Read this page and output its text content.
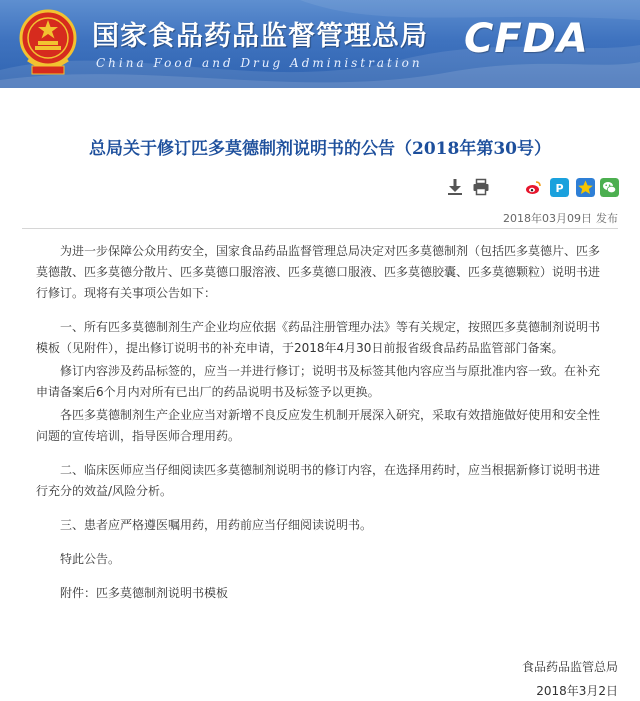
国家食品药品监督管理总局
China Food and Drug Administration
CFDA
总局关于修订匹多莫德制剂说明书的公告（2018年第30号）
P
2018年03月09日 发布

为进一步保障公众用药安全，国家食品药品监督管理总局决定对匹多莫德制剂（包括匹多莫德片、匹多莫德散、匹多莫德分散片、匹多莫德口服溶液、匹多莫德口服液、匹多莫德胶囊、匹多莫德颗粒）说明书进行修订。现将有关事项公告如下：

一、所有匹多莫德制剂生产企业均应依据《药品注册管理办法》等有关规定，按照匹多莫德制剂说明书模板（见附件），提出修订说明书的补充申请，于2018年4月30日前报省级食品药品监管部门备案。

修订内容涉及药品标签的，应当一并进行修订；说明书及标签其他内容应当与原批准内容一致。在补充申请备案后6个月内对所有已出厂的药品说明书及标签予以更换。

各匹多莫德制剂生产企业应当对新增不良反应发生机制开展深入研究，采取有效措施做好使用和安全性问题的宣传培训，指导医师合理用药。

二、临床医师应当仔细阅读匹多莫德制剂说明书的修订内容，在选择用药时，应当根据新修订说明书进行充分的效益/风险分析。

三、患者应严格遵医嘱用药，用药前应当仔细阅读说明书。

特此公告。

附件：匹多莫德制剂说明书模板

食品药品监管总局
2018年3月2日
